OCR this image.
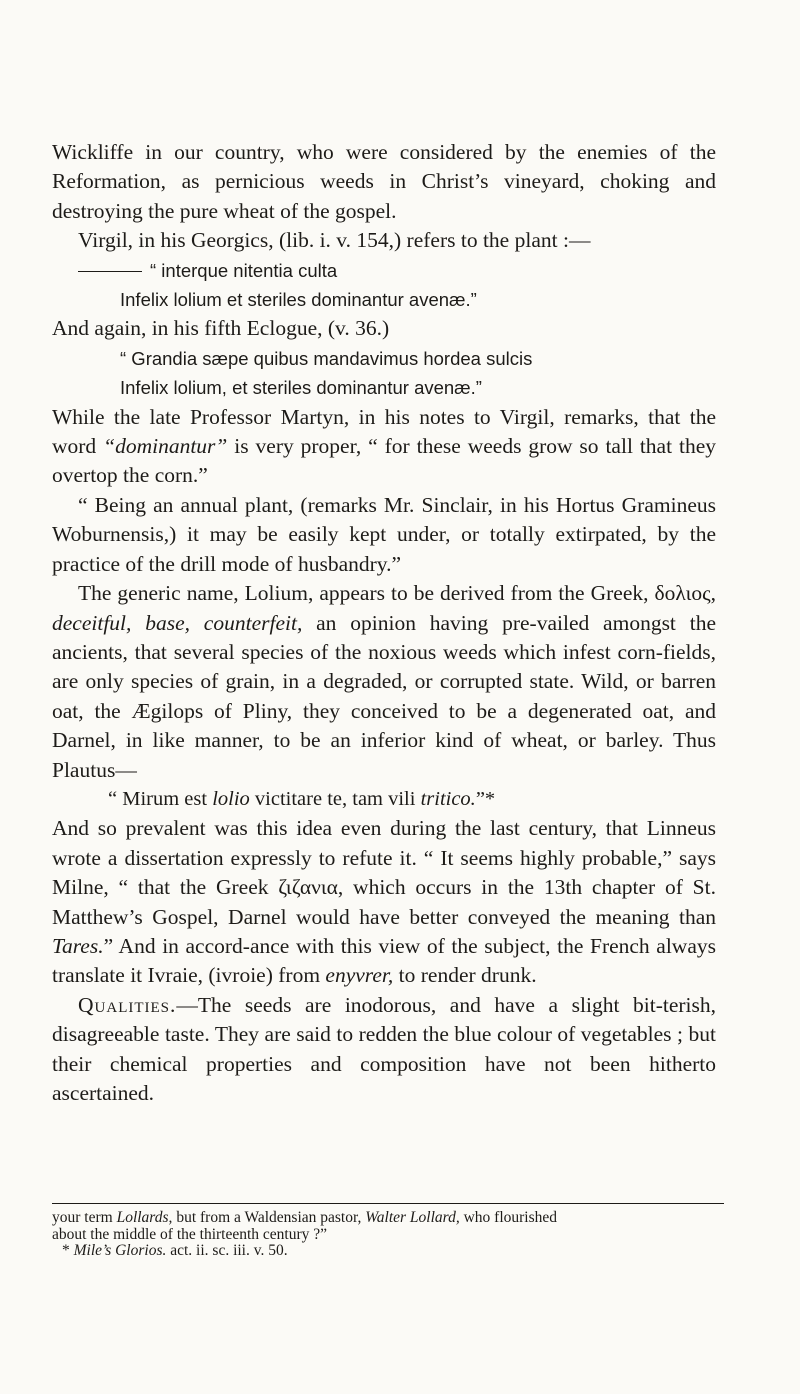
Wickliffe in our country, who were considered by the enemies of the Reformation, as pernicious weeds in Christ’s vineyard, choking and destroying the pure wheat of the gospel.

Virgil, in his Georgics, (lib. i. v. 154,) refers to the plant :—

“ interque nitentia culta

Infelix lolium et steriles dominantur avenæ.”

And again, in his fifth Eclogue, (v. 36.)

“ Grandia sæpe quibus mandavimus hordea sulcis

Infelix lolium, et steriles dominantur avenæ.”

While the late Professor Martyn, in his notes to Virgil, remarks, that the word “dominantur” is very proper, “ for these weeds grow so tall that they overtop the corn.”

“ Being an annual plant, (remarks Mr. Sinclair, in his Hortus Gramineus Woburnensis,) it may be easily kept under, or totally extirpated, by the practice of the drill mode of husbandry.”

The generic name, Lolium, appears to be derived from the Greek, δολιος, deceitful, base, counterfeit, an opinion having pre-vailed amongst the ancients, that several species of the noxious weeds which infest corn-fields, are only species of grain, in a degraded, or corrupted state. Wild, or barren oat, the Ægilops of Pliny, they conceived to be a degenerated oat, and Darnel, in like manner, to be an inferior kind of wheat, or barley. Thus Plautus—

“ Mirum est lolio victitare te, tam vili tritico.”*

And so prevalent was this idea even during the last century, that Linneus wrote a dissertation expressly to refute it. “ It seems highly probable,” says Milne, “ that the Greek ζιζανια, which occurs in the 13th chapter of St. Matthew’s Gospel, Darnel would have better conveyed the meaning than Tares.” And in accord-ance with this view of the subject, the French always translate it Ivraie, (ivroie) from enyvrer, to render drunk.

Qualities.—The seeds are inodorous, and have a slight bit-terish, disagreeable taste. They are said to redden the blue colour of vegetables ; but their chemical properties and composition have not been hitherto ascertained.

your term Lollards, but from a Waldensian pastor, Walter Lollard, who flourished

about the middle of the thirteenth century ?”

* Mile’s Glorios. act. ii. sc. iii. v. 50.
